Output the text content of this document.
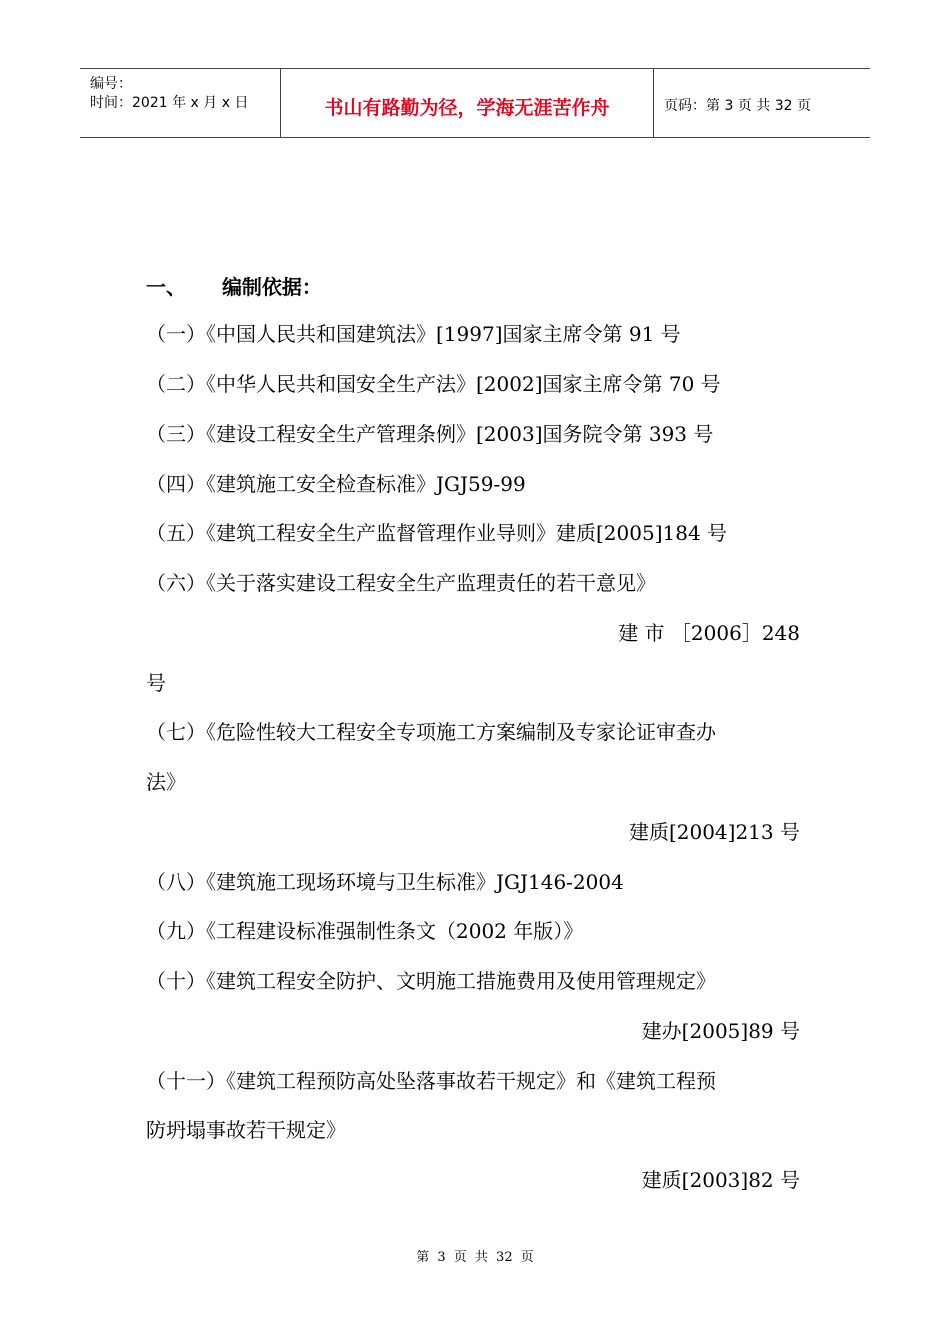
编号：
时间：2021 年 x 月 x 日	书山有路勤为径，学海无涯苦作舟	页码：第 3 页 共 32 页
一、 编制依据：
（一）《中国人民共和国建筑法》[1997]国家主席令第 91 号
（二）《中华人民共和国安全生产法》[2002]国家主席令第 70 号
（三）《建设工程安全生产管理条例》[2003]国务院令第 393 号
（四）《建筑施工安全检查标准》JGJ59-99
（五）《建筑工程安全生产监督管理作业导则》建质[2005]184 号
（六）《关于落实建设工程安全生产监理责任的若干意见》
建 市 ［2006］248
号
（七）《危险性较大工程安全专项施工方案编制及专家论证审查办
法》
建质[2004]213 号
（八）《建筑施工现场环境与卫生标准》JGJ146-2004
（九）《工程建设标准强制性条文（2002 年版）》
（十）《建筑工程安全防护、文明施工措施费用及使用管理规定》
建办[2005]89 号
（十一）《建筑工程预防高处坠落事故若干规定》和《建筑工程预
防坍塌事故若干规定》
建质[2003]82 号
第 3 页 共 32 页
